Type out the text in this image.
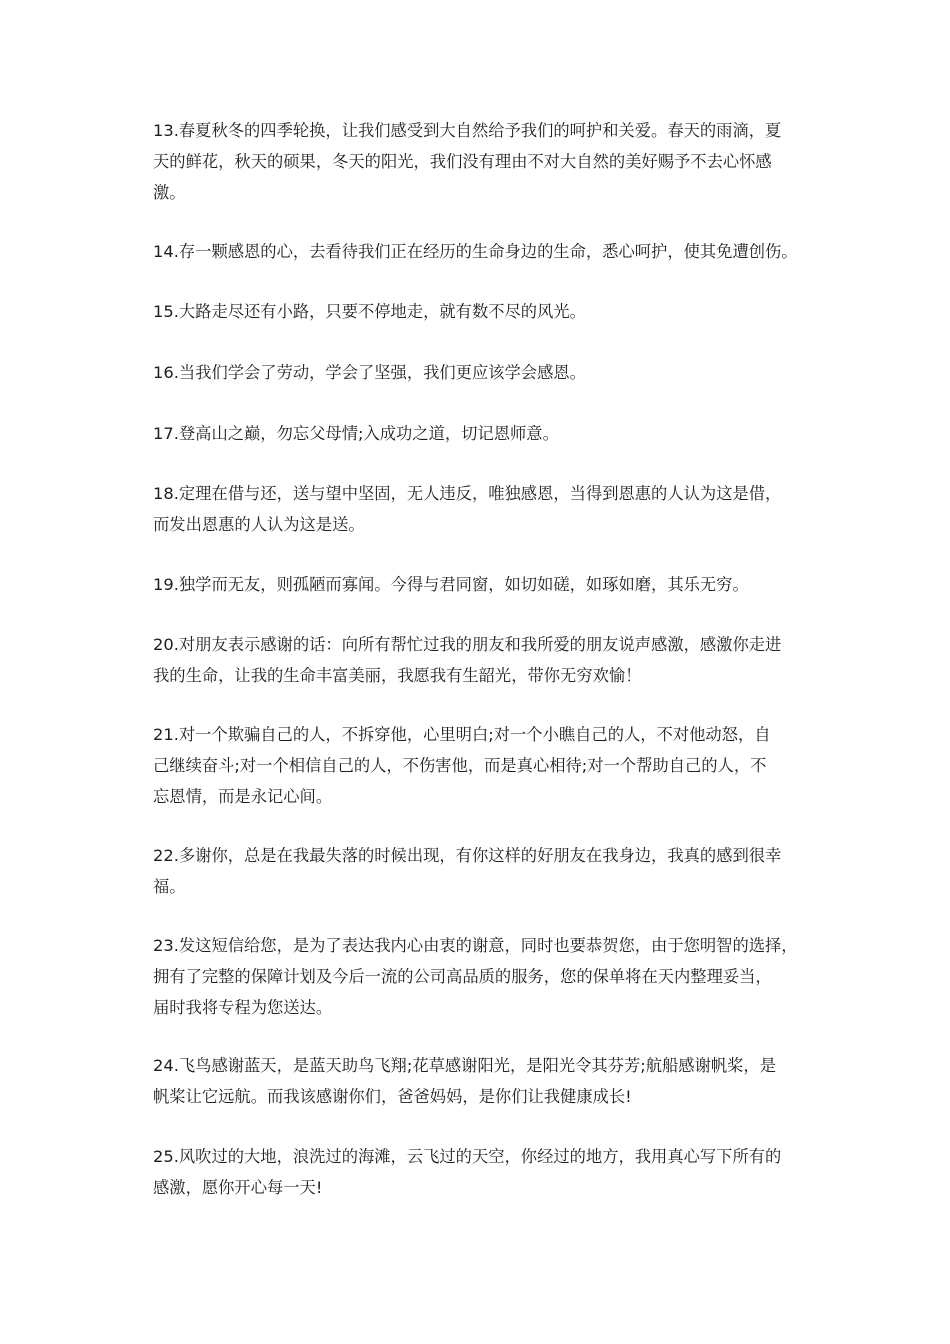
13.春夏秋冬的四季轮换，让我们感受到大自然给予我们的呵护和关爱。春天的雨滴，夏
天的鲜花，秋天的硕果，冬天的阳光，我们没有理由不对大自然的美好赐予不去心怀感
激。
14.存一颗感恩的心，去看待我们正在经历的生命身边的生命，悉心呵护，使其免遭创伤。
15.大路走尽还有小路，只要不停地走，就有数不尽的风光。
16.当我们学会了劳动，学会了坚强，我们更应该学会感恩。
17.登高山之巅，勿忘父母情;入成功之道，切记恩师意。
18.定理在借与还，送与望中坚固，无人违反，唯独感恩，当得到恩惠的人认为这是借，
而发出恩惠的人认为这是送。
19.独学而无友，则孤陋而寡闻。今得与君同窗，如切如磋，如琢如磨，其乐无穷。
20.对朋友表示感谢的话：向所有帮忙过我的朋友和我所爱的朋友说声感激，感激你走进
我的生命，让我的生命丰富美丽，我愿我有生韶光，带你无穷欢愉！
21.对一个欺骗自己的人，不拆穿他，心里明白;对一个小瞧自己的人，不对他动怒，自
己继续奋斗;对一个相信自己的人，不伤害他，而是真心相待;对一个帮助自己的人，不
忘恩情，而是永记心间。
22.多谢你，总是在我最失落的时候出现，有你这样的好朋友在我身边，我真的感到很幸
福。
23.发这短信给您，是为了表达我内心由衷的谢意，同时也要恭贺您，由于您明智的选择，
拥有了完整的保障计划及今后一流的公司高品质的服务，您的保单将在天内整理妥当，
届时我将专程为您送达。
24.飞鸟感谢蓝天，是蓝天助鸟飞翔;花草感谢阳光，是阳光令其芬芳;航船感谢帆桨，是
帆桨让它远航。而我该感谢你们，爸爸妈妈，是你们让我健康成长!
25.风吹过的大地，浪洗过的海滩，云飞过的天空，你经过的地方，我用真心写下所有的
感激，愿你开心每一天!
